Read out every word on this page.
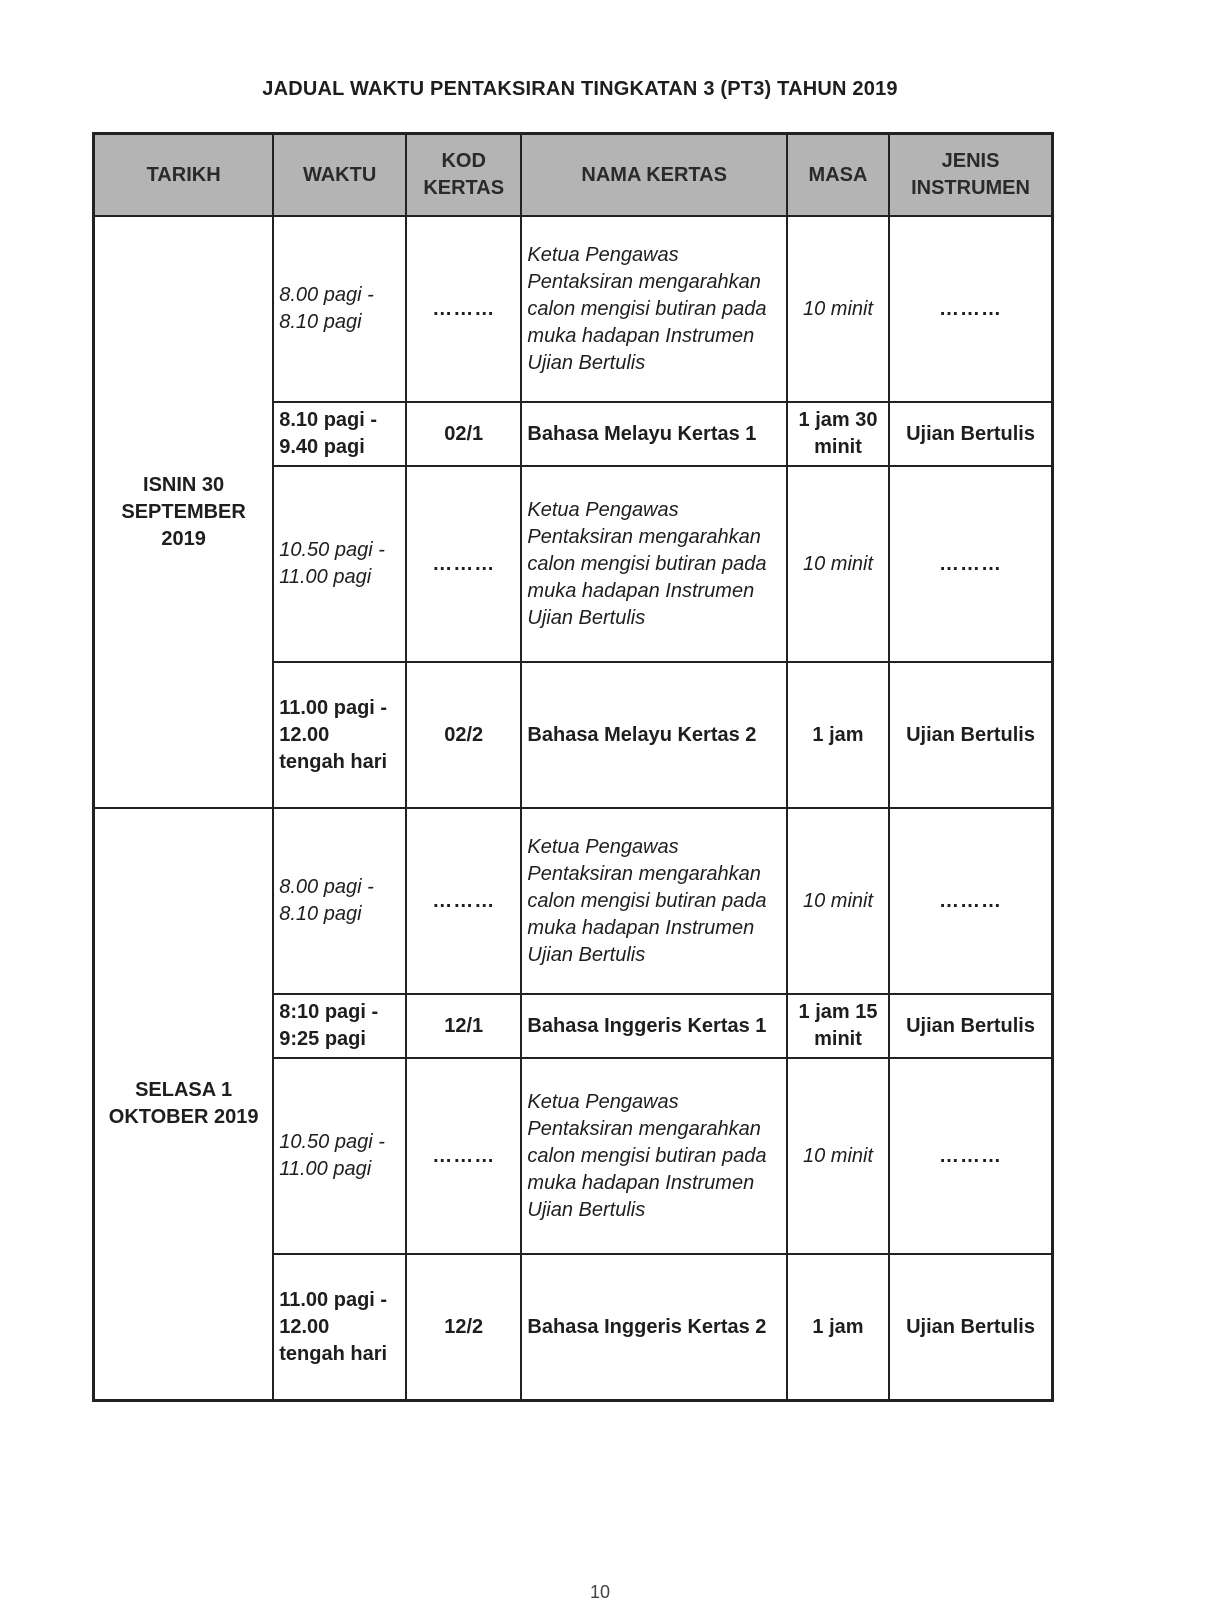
JADUAL WAKTU PENTAKSIRAN TINGKATAN 3 (PT3) TAHUN 2019
TARIKH	WAKTU	KOD KERTAS	NAMA KERTAS	MASA	JENIS INSTRUMEN
ISNIN 30 SEPTEMBER 2019	8.00 pagi - 8.10 pagi	………	Ketua Pengawas Pentaksiran mengarahkan calon mengisi butiran pada muka hadapan Instrumen Ujian Bertulis	10 minit	………
	8.10 pagi - 9.40 pagi	02/1	Bahasa Melayu Kertas 1	1 jam 30 minit	Ujian Bertulis
	10.50 pagi - 11.00 pagi	………	Ketua Pengawas Pentaksiran mengarahkan calon mengisi butiran pada muka hadapan Instrumen Ujian Bertulis	10 minit	………
	11.00 pagi - 12.00 tengah hari	02/2	Bahasa Melayu Kertas 2	1 jam	Ujian Bertulis
SELASA 1 OKTOBER 2019	8.00 pagi - 8.10 pagi	………	Ketua Pengawas Pentaksiran mengarahkan calon mengisi butiran pada muka hadapan Instrumen Ujian Bertulis	10 minit	………
	8:10 pagi - 9:25 pagi	12/1	Bahasa Inggeris Kertas 1	1 jam 15 minit	Ujian Bertulis
	10.50 pagi - 11.00 pagi	………	Ketua Pengawas Pentaksiran mengarahkan calon mengisi butiran pada muka hadapan Instrumen Ujian Bertulis	10 minit	………
	11.00 pagi - 12.00 tengah hari	12/2	Bahasa Inggeris Kertas 2	1 jam	Ujian Bertulis
10
